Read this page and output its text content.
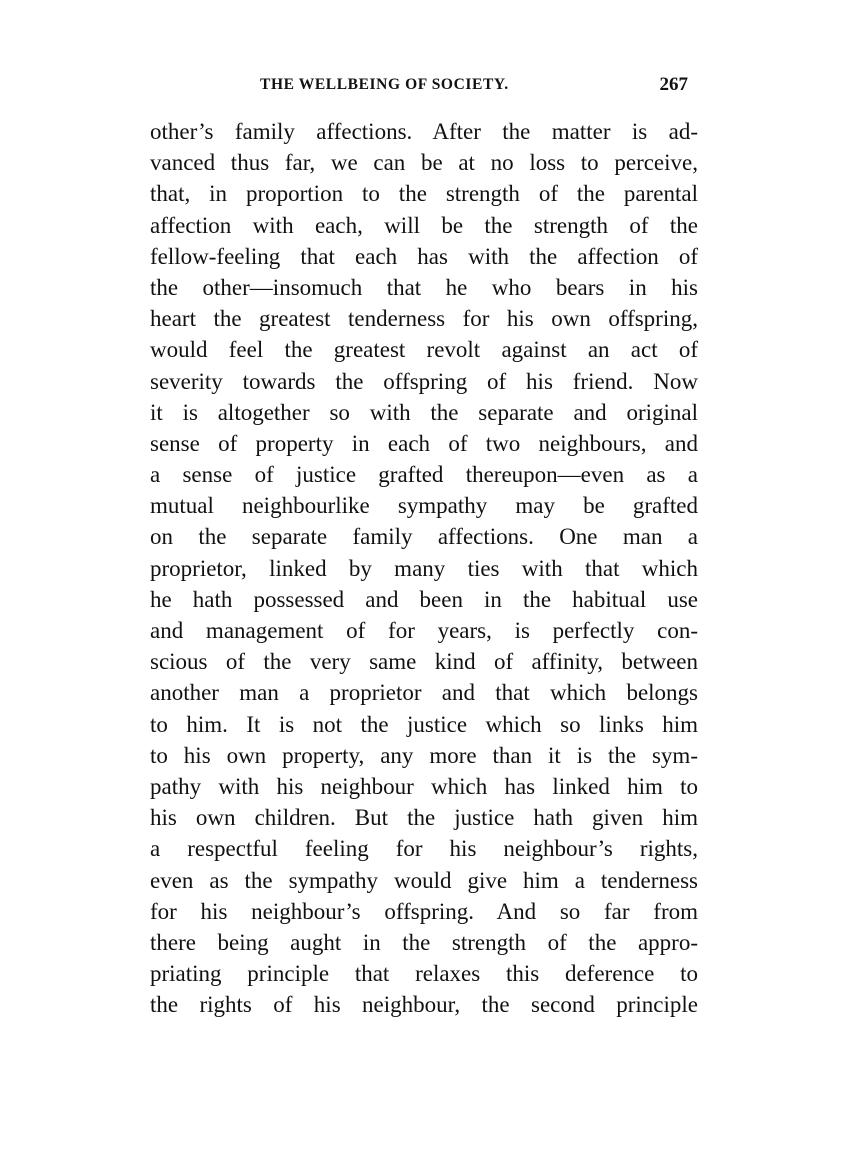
THE WELLBEING OF SOCIETY.	267
other’s family affections. After the matter is ad-
vanced thus far, we can be at no loss to perceive,
that, in proportion to the strength of the parental
affection with each, will be the strength of the
fellow-feeling that each has with the affection of
the other—insomuch that he who bears in his
heart the greatest tenderness for his own offspring,
would feel the greatest revolt against an act of
severity towards the offspring of his friend. Now
it is altogether so with the separate and original
sense of property in each of two neighbours, and
a sense of justice grafted thereupon—even as a
mutual neighbourlike sympathy may be grafted
on the separate family affections. One man a
proprietor, linked by many ties with that which
he hath possessed and been in the habitual use
and management of for years, is perfectly con-
scious of the very same kind of affinity, between
another man a proprietor and that which belongs
to him. It is not the justice which so links him
to his own property, any more than it is the sym-
pathy with his neighbour which has linked him to
his own children. But the justice hath given him
a respectful feeling for his neighbour’s rights,
even as the sympathy would give him a tenderness
for his neighbour’s offspring. And so far from
there being aught in the strength of the appro-
priating principle that relaxes this deference to
the rights of his neighbour, the second principle
